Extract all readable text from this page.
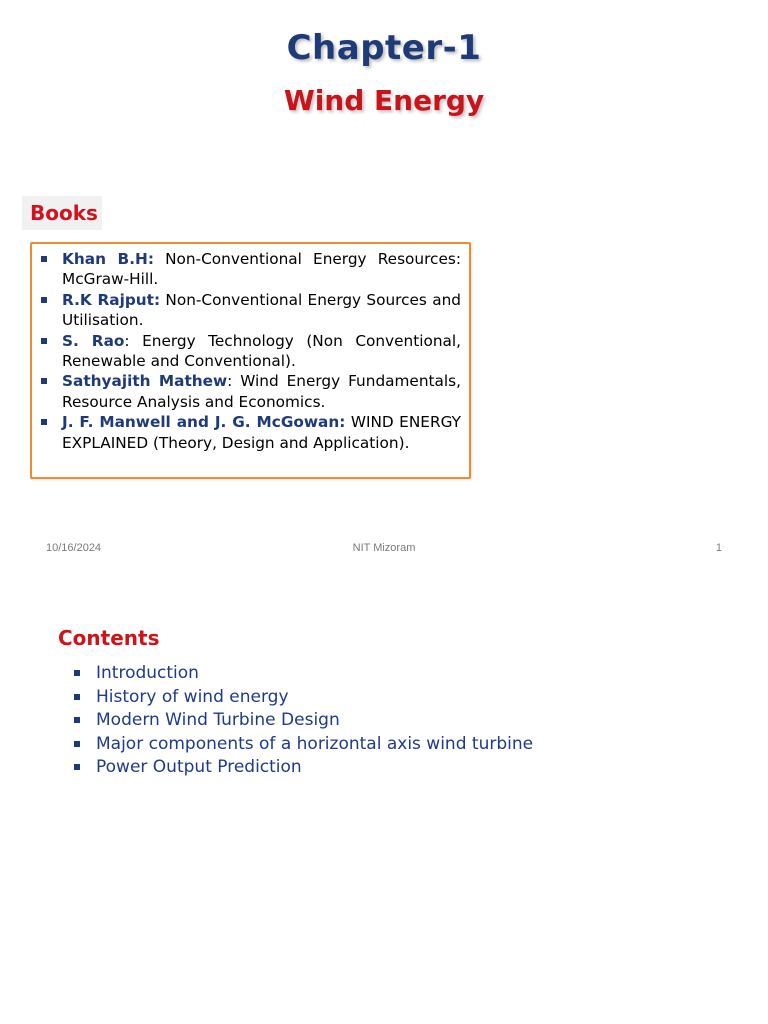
Chapter-1
Wind Energy
Books
Khan B.H: Non-Conventional Energy Resources: McGraw-Hill.
R.K Rajput: Non-Conventional Energy Sources and Utilisation.
S. Rao: Energy Technology (Non Conventional, Renewable and Conventional).
Sathyajith Mathew: Wind Energy Fundamentals, Resource Analysis and Economics.
J. F. Manwell and J. G. McGowan: WIND ENERGY EXPLAINED (Theory, Design and Application).
10/16/2024	NIT Mizoram	1
Contents
Introduction
History of wind energy
Modern Wind Turbine Design
Major components of a horizontal axis wind turbine
Power Output Prediction
